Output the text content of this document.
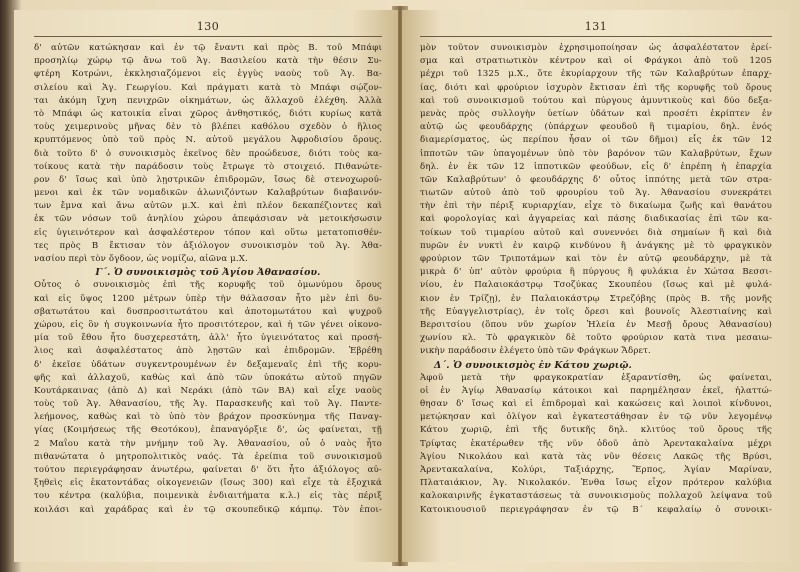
130
δ' αὐτῶν κατώκησαν καὶ ἐν τῷ ἔναντι καὶ πρὸς Β. τοῦ Μπάφι
προσηλίῳ χώρῳ τῷ ἄνω τοῦ Ἁγ. Βασιλείου κατὰ τὴν θέσιν Συ-
φτέρη Κοτρώνι, ἐκκλησιαζόμενοι εἰς ἐγγὺς ναοὺς τοῦ Ἁγ. Βα-
σιλείου καὶ Ἁγ. Γεωργίου. Καὶ πράγματι κατὰ τὸ Μπάφι σῴζον-
ται ἀκόμη ἴχνη πενιχρῶν οἰκημάτων, ὡς ἄλλαχοῦ ἐλέχθη. Ἀλλὰ
τὸ Μπάφι ὡς κατοικία εἶναι χῶρος ἀνθηστικός, διότι κυρίως κατὰ
τοὺς χειμερινοὺς μῆνας δὲν τὸ βλέπει καθόλου σχεδὸν ὁ ἥλιος
κρυπτόμενος ὑπὸ τοῦ πρὸς Ν. αὐτοῦ μεγάλου Ἀφροδισίου ὄρους.
διὰ τοῦτο δ' ὁ συνοικισμὸς ἐκεῖνος δὲν προώδευσε, διότι τοὺς κα-
τοίκους κατὰ τὴν παράδοσιν τοὺς ἔτρωγε τὸ στοιχειό. Πιθανώτε-
ρον δ' ἴσως καὶ ὑπὸ λῃστρικῶν ἐπιδρομῶν, ἴσως δὲ στενοχωρού-
μενοι καὶ ἐκ τῶν νομαδικῶν ἀλωνιζόντων Καλαβρύτων διαβαινόν-
των ἔμνα καὶ ἄνω αὐτῶν μ.Χ. καὶ ἐπὶ πλέον δεκαπέζιοντες καὶ
ἐκ τῶν νόσων τοῦ ἀνηλίου χώρου ἀπεφάσισαν νὰ μετοικήσωσιν
εἰς ὑγιεινότερον καὶ ἀσφαλέστερον τόπον καὶ οὕτω μετατοπισθέν-
τες πρὸς Β ἔκτισαν τὸν ἀξιόλογον συνοικισμὸν τοῦ Ἁγ. Ἀθα-
νασίου περὶ τὸν ὄγδοον, ὡς νομίζω, αἰῶνα μ.Χ.
Γ΄. Ὁ συνοικισμὸς τοῦ Ἁγίου Ἀθανασίου.
Οὗτος ὁ συνοικισμὸς ἐπὶ τῆς κορυφῆς τοῦ ὁμωνύμου ὄρους
καὶ εἰς ὕψος 1200 μέτρων ὑπὲρ τὴν θάλασσαν ἦτο μὲν ἐπὶ δυ-
σβατωτάτου καὶ δυσπροσιτωτάτου καὶ ἀποτομωτάτου καὶ ψυχροῦ
χώρου, εἰς ὃν ἡ συγκοινωνία ἦτο προσιτότερον, καὶ ἡ τῶν γένει οἰκονο-
μία τοῦ ἔθου ἦτο δυσχερεστάτη, ἀλλ' ἦτο ὑγιεινότατος καὶ προσή-
λιος καὶ ἀσφαλέστατος ἀπὸ λῃστῶν καὶ ἐπιδρομῶν. Ἐβρέθη
δ' ἐκεῖσε ὑδάτων συγκεντρουμένων ἐν δεξαμεναῖς ἐπὶ τῆς κορυ-
φῆς καὶ ἀλλαχοῦ, καθὼς καὶ ἀπὸ τῶν ὑποκάτω αὐτοῦ πηγῶν
Κουτάρκαινας (ἀπὸ Δ) καὶ Νεράκι (ἀπὸ τῶν ΒΑ) καὶ εἶχε ναοὺς
τοὺς τοῦ Ἁγ. Ἀθανασίου, τῆς Ἁγ. Παρασκευῆς καὶ τοῦ Ἁγ. Παντε-
λεήμονος, καθὼς καὶ τὸ ὑπὸ τὸν βράχον προσκύνημα τῆς Παναγ-
γίας (Κοιμήσεως τῆς Θεοτόκου), ἐπαναγόρξιε δ', ὡς φαίνεται, τῇ
2 Μαΐου κατὰ τὴν μνήμην τοῦ Ἁγ. Ἀθανασίου, οὗ ὁ ναὸς ἦτο
πιθανώτατα ὁ μητροπολιτικὸς ναός. Τὰ ἐρείπια τοῦ συνοικισμοῦ
τούτου περιεγράφησαν ἀνωτέρω, φαίνεται δ' ὅτι ἦτο ἀξιόλογος αὐ-
ξηθεὶς εἰς ἑκατοντάδας οἰκογενειῶν (ἴσως 300) καὶ εἶχε τὰ ἐξοχικά
του κέντρα (καλύβια, ποιμενικὰ ἐνδιαιτήματα κ.λ.) εἰς τὰς πέριξ
κοιλάσι καὶ χαράδρας καὶ ἐν τῷ σκουπεδικῷ κάμπῳ. Τὸν ἐποι-
131
μὸν τοῦτον συνοικισμὸν ἐχρησιμοποίησαν ὡς ἀσφαλέστατον ἐρεί-
σμα καὶ στρατιωτικὸν κέντρον καὶ οἱ Φράγκοι ἀπὸ τοῦ 1205
μέχρι τοῦ 1325 μ.Χ., ὅτε ἐκυρίαρχουν τῆς τῶν Καλαβρύτων ἐπαρχ-
ίας, διότι καὶ φρούριον ἰσχυρὸν ἔκτισαν ἐπὶ τῆς κορυφῆς τοῦ ὄρους
καὶ τοῦ συνοικισμοῦ τούτου καὶ πύργους ἀμυντικοὺς καὶ δύο δεξα-
μενὰς πρὸς συλλογὴν ὑετίων ὑδάτων καὶ προσέτι ἐκρίπτεν ἐν
αὐτῷ ὡς φεουδάρχης (ὑπάρχων φεουδοῦ ἢ τιμαρίου, δηλ. ἐνός
διαμερίσματος, ὡς περίπου ἦσαν οἱ τῶν δῆμοι) εἷς ἐκ τῶν 12
ἱπποτῶν τῶν ὑπαγομένων ὑπὸ τὸν βαρόνον τῶν Καλαβρύτων, ἔχων
δηλ. ἐν ἐκ τῶν 12 ἱπποτικῶν φεούδων, εἷς δ' ἐπρέπη ἡ ἐπαρχία
τῶν Καλαβρύτων' ὁ φεουδάρχης δ' οὗτος ἱππότης μετὰ τῶν στρα-
τιωτῶν αὐτοῦ ἀπὸ τοῦ φρουρίου τοῦ Ἁγ. Ἀθανασίου συνεκράτει
τὴν ἐπὶ τὴν πέριξ κυριαρχίαν, εἶχε τὸ δικαίωμα ζωῆς καὶ θανάτου
καὶ φορολογίας καὶ ἀγγαρείας καὶ πάσης διαδικασίας ἐπὶ τῶν κα-
τοίκων τοῦ τιμαρίου αὐτοῦ καὶ συνεννόει διὰ σημαίων ἢ καὶ διὰ
πυρῶν ἐν νυκτὶ ἐν καιρῷ κινδύνου ἢ ἀνάγκης μὲ τὸ φραγκικὸν
φρούριον τῶν Τριποτάμων καὶ τὸν ἐν αὐτῷ φεουδάρχην, μὲ τὰ
μικρὰ δ' ὑπ' αὐτὸν φρούρια ἢ πύργους ἢ φυλάκια ἐν Χώτσα Βεσσι-
νίου, ἐν Παλαιοκάστρῳ Τσοζύκας Σκουπέου (ἴσως καὶ μὲ φυλά-
κιον ἐν Τρίζῃ), ἐν Παλαιοκάστρῳ Στρεζόβης (πρὸς Β. τῆς μονῆς
τῆς Εὐαγγελιστρίας), ἐν τοῖς ὄρεσι καὶ βουνοῖς Ἀλεστιαίνης καὶ
Βερσιτσίου (ὅπου νῦν χωρίον Ἡλεία ἐν Μεσῇ ὄρους Ἀθανασίου)
χωνίου κλ. Τὸ φραγκικὸν δὲ τοῦτο φρούριον κατὰ τινα μεσαιω-
νικὴν παράδοσιν ἐλέγετο ὑπὸ τῶν Φράγκων Ἄδρετ.
Δ΄. Ὁ συνοικισμὸς ἐν Κάτου χωριῷ.
Ἀφοῦ μετὰ τὴν φραγκοκρατίαν ἐξαραντίσθη, ὡς φαίνεται,
οἱ ἐν Ἁγίῳ Ἀθανασίῳ κάτοικοι καὶ παρημέλησαν ἐκεῖ, ἠλαττώ-
θησαν δ' ἴσως καὶ εἰ ἐπιδρομαὶ καὶ κακώσεις καὶ λοιποὶ κίνδυνοι,
μετῴκησαν καὶ ὀλίγον καὶ ἐγκατεστάθησαν ἐν τῷ νῦν λεγομένῳ
Κάτου χωριῷ, ἐπὶ τῆς δυτικῆς δηλ. κλιτύος τοῦ ὄρους τῆς
Τρίφτας ἑκατέρωθεν τῆς νῦν ὁδοῦ ἀπὸ Ἀρεντακαλαίνα μέχρι
Ἁγίου Νικολάου καὶ κατὰ τὰς νῦν θέσεις Λακῶς τῆς Βρύσι,
Ἀρεντακαλαίνα, Κολύρι, Ταξιάρχης, Ἕρπος, Ἁγίαν Μαρίναν,
Πλαταιάκιον, Ἁγ. Νικολακόν. Ἐνθα ἴσως εἶχον πρότερον καλύβια
καλοκαιρινῆς ἐγκαταστάσεως τὰ συνοικισμοὺς πολλαχοῦ λείψανα τοῦ
Κατοικιουσιοῦ περιεγράφησαν ἐν τῷ Β΄ κεφαλαίῳ ὁ συνοικι-
